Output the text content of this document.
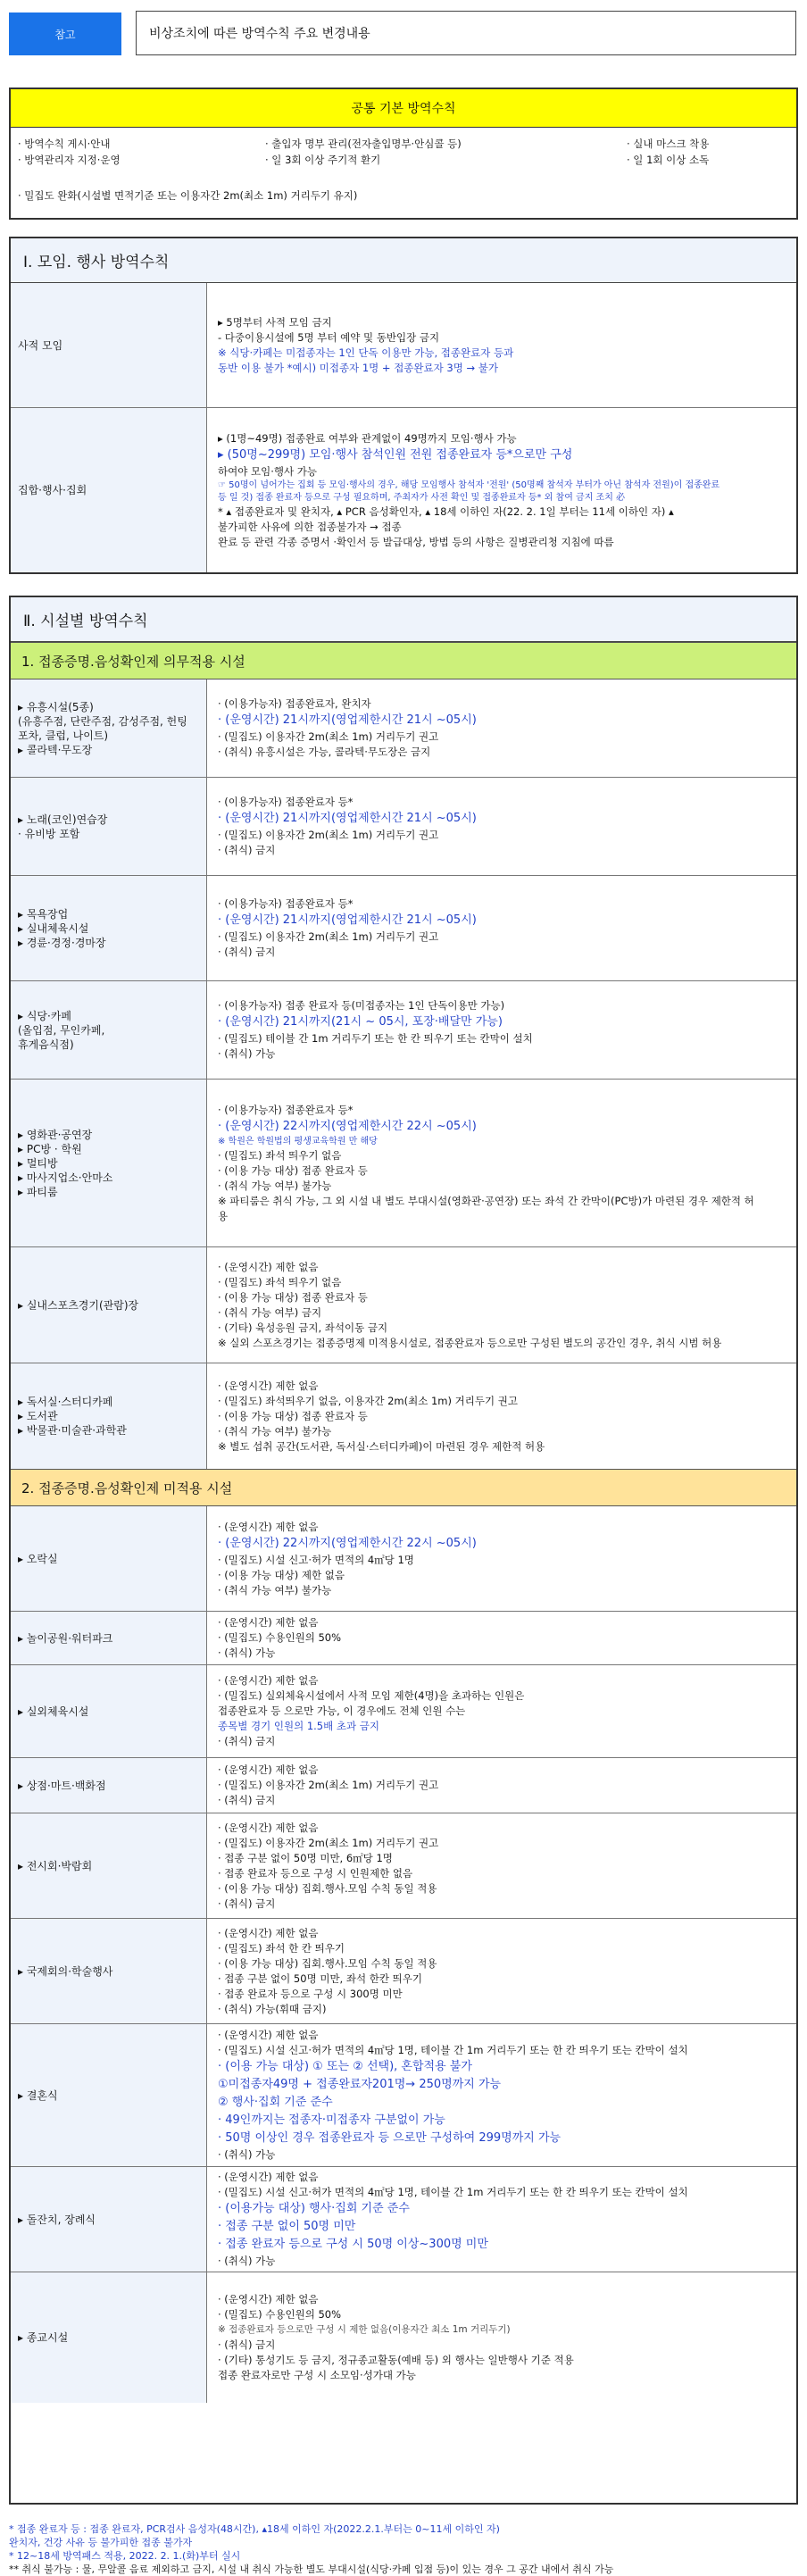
참고	비상조치에 따른 방역수칙 주요 변경내용
공통 기본 방역수칙
· 방역수칙 게시·안내
· 방역관리자 지정·운영
· 출입자 명부 관리(전자출입명부·안심콜 등)
· 일 3회 이상 주기적 환기
· 실내 마스크 착용
· 일 1회 이상 소독
· 밀집도 완화(시설별 면적기준 또는 이용자간 2m(최소 1m) 거리두기 유지)
Ⅰ. 모임. 행사 방역수칙
사적 모임
▸ 5명부터 사적 모임 금지
- 다중이용시설에 5명 부터 예약 및 동반입장 금지
※ 식당·카페는 미접종자는 1인 단독 이용만 가능, 접종완료자 등과
동반 이용 불가 *예시) 미접종자 1명 + 접종완료자 3명 → 불가
집합·행사·집회
▸ (1명~49명) 접종완료 여부와 관계없이 49명까지 모임·행사 가능
▸ (50명~299명) 모임·행사 참석인원 전원 접종완료자 등*으로만 구성
하여야 모임·행사 가능
☞ 50명이 넘어가는 집회 등 모임·행사의 경우, 해당 모임행사 참석자 '전원' (50명째 참석자 부터가 아닌 참석자 전원)이 접종완료
등 일 것) 접종 완료자 등으로 구성 필요하며, 주최자가 사전 확인 및 접종완료자 등* 외 참여 금지 조치 必
* ▴ 접종완료자 및 완치자, ▴ PCR 음성확인자, ▴ 18세 이하인 자(22. 2. 1일 부터는 11세 이하인 자) ▴
불가피한 사유에 의한 접종불가자 → 접종
완료 등 관련 각종 증명서 ·확인서 등 발급대상, 방법 등의 사항은 질병관리청 지침에 따름
Ⅱ. 시설별 방역수칙
1. 접종증명.음성확인제 의무적용 시설
2. 접종증명.음성확인제 미적용 시설
▸ 유흥시설(5종)
(유흥주점, 단란주점, 감성주점, 헌팅
포차, 클럽, 나이트)
▸ 콜라텍·무도장
· (이용가능자) 접종완료자, 완치자
· (운영시간) 21시까지(영업제한시간 21시 ~05시)
· (밀집도) 이용자간 2m(최소 1m) 거리두기 권고
· (취식) 유흥시설은 가능, 콜라텍·무도장은 금지
▸ 노래(코인)연습장
· 유비방 포함
· (이용가능자) 접종완료자 등*
· (운영시간) 21시까지(영업제한시간 21시 ~05시)
· (밀집도) 이용자간 2m(최소 1m) 거리두기 권고
· (취식) 금지
▸ 목욕장업
▸ 실내체육시설
▸ 경륜·경정·경마장
· (이용가능자) 접종완료자 등*
· (운영시간) 21시까지(영업제한시간 21시 ~05시)
· (밀집도) 이용자간 2m(최소 1m) 거리두기 권고
· (취식) 금지
▸ 식당·카페
(올입점, 무인카페,
휴게음식점)
· (이용가능자) 접종 완료자 등(미접종자는 1인 단독이용만 가능)
· (운영시간) 21시까지(21시 ~ 05시, 포장·배달만 가능)
· (밀집도) 테이블 간 1m 거리두기 또는 한 칸 띄우기 또는 칸막이 설치
· (취식) 가능
▸ 영화관·공연장
▸ PC방 · 학원
▸ 멀티방
▸ 마사지업소·안마소
▸ 파티룸
· (이용가능자) 접종완료자 등*
· (운영시간) 22시까지(영업제한시간 22시 ~05시)
※ 학원은 학원법의 평생교육학원 만 해당
· (밀집도) 좌석 띄우기 없음
· (이용 가능 대상) 접종 완료자 등
· (취식 가능 여부) 불가능
※ 파티룸은 취식 가능, 그 외 시설 내 별도 부대시설(영화관·공연장) 또는 좌석 간 칸막이(PC방)가 마련된 경우 제한적 허
용
▸ 실내스포츠경기(관람)장
· (운영시간) 제한 없음
· (밀집도) 좌석 띄우기 없음
· (이용 가능 대상) 접종 완료자 등
· (취식 가능 여부) 금지
· (기타) 육성응원 금지, 좌석이동 금지
※ 실외 스포츠경기는 접종증명제 미적용시설로, 접종완료자 등으로만 구성된 별도의 공간인 경우, 취식 시범 허용
▸ 독서실·스터디카페
▸ 도서관
▸ 박물관·미술관·과학관
· (운영시간) 제한 없음
· (밀집도) 좌석띄우기 없음, 이용자간 2m(최소 1m) 거리두기 권고
· (이용 가능 대상) 접종 완료자 등
· (취식 가능 여부) 불가능
※ 별도 섭취 공간(도서관, 독서실·스터디카페)이 마련된 경우 제한적 허용
▸ 오락실
· (운영시간) 제한 없음
· (운영시간) 22시까지(영업제한시간 22시 ~05시)
· (밀집도) 시설 신고·허가 면적의 4㎡당 1명
· (이용 가능 대상) 제한 없음
· (취식 가능 여부) 불가능
▸ 놀이공원·워터파크
· (운영시간) 제한 없음
· (밀집도) 수용인원의 50%
· (취식) 가능
▸ 실외체육시설
· (운영시간) 제한 없음
· (밀집도) 실외체육시설에서 사적 모임 제한(4명)을 초과하는 인원은
접종완료자 등 으로만 가능, 이 경우에도 전체 인원 수는
종목별 경기 인원의 1.5배 초과 금지
· (취식) 금지
▸ 상점·마트·백화점
· (운영시간) 제한 없음
· (밀집도) 이용자간 2m(최소 1m) 거리두기 권고
· (취식) 금지
▸ 전시회·박람회
· (운영시간) 제한 없음
· (밀집도) 이용자간 2m(최소 1m) 거리두기 권고
· 접종 구분 없이 50명 미만, 6㎡당 1명
· 접종 완료자 등으로 구성 시 인원제한 없음
· (이용 가능 대상) 집회.행사.모임 수칙 동일 적용
· (취식) 금지
▸ 국제회의·학술행사
· (운영시간) 제한 없음
· (밀집도) 좌석 한 칸 띄우기
· (이용 가능 대상) 집회.행사.모임 수칙 동일 적용
· 접종 구분 없이 50명 미만, 좌석 한칸 띄우기
· 접종 완료자 등으로 구성 시 300명 미만
· (취식) 가능(휘때 금지)
▸ 결혼식
· (운영시간) 제한 없음
· (밀집도) 시설 신고·허가 면적의 4㎡당 1명, 테이블 간 1m 거리두기 또는 한 칸 띄우기 또는 칸막이 설치
· (이용 가능 대상) ① 또는 ② 선택), 혼합적용 불가
①미접종자49명 + 접종완료자201명→ 250명까지 가능
② 행사·집회 기준 준수
· 49인까지는 접종자·미접종자 구분없이 가능
· 50명 이상인 경우 접종완료자 등 으로만 구성하여 299명까지 가능
· (취식) 가능
▸ 돌잔치, 장례식
· (운영시간) 제한 없음
· (밀집도) 시설 신고·허가 면적의 4㎡당 1명, 테이블 간 1m 거리두기 또는 한 칸 띄우기 또는 칸막이 설치
· (이용가능 대상) 행사·집회 기준 준수
· 접종 구분 없이 50명 미만
· 접종 완료자 등으로 구성 시 50명 이상~300명 미만
· (취식) 가능
▸ 종교시설
· (운영시간) 제한 없음
· (밀집도) 수용인원의 50%
※ 접종완료자 등으로만 구성 시 제한 없음(이용자간 최소 1m 거리두기)
· (취식) 금지
· (기타) 통성기도 등 금지, 정규종교활동(예배 등) 외 행사는 일반행사 기준 적용
접종 완료자로만 구성 시 소모임·성가대 가능
* 접종 완료자 등 : 접종 완료자, PCR검사 음성자(48시간), ▴18세 이하인 자(2022.2.1.부터는 0~11세 이하인 자)
완치자, 건강 사유 등 불가피한 접종 불가자
* 12~18세 방역패스 적용, 2022. 2. 1.(화)부터 실시
** 취식 불가능 : 물, 무알콜 음료 제외하고 금지, 시설 내 취식 가능한 별도 부대시설(식당·카페 입점 등)이 있는 경우 그 공간 내에서 취식 가능
